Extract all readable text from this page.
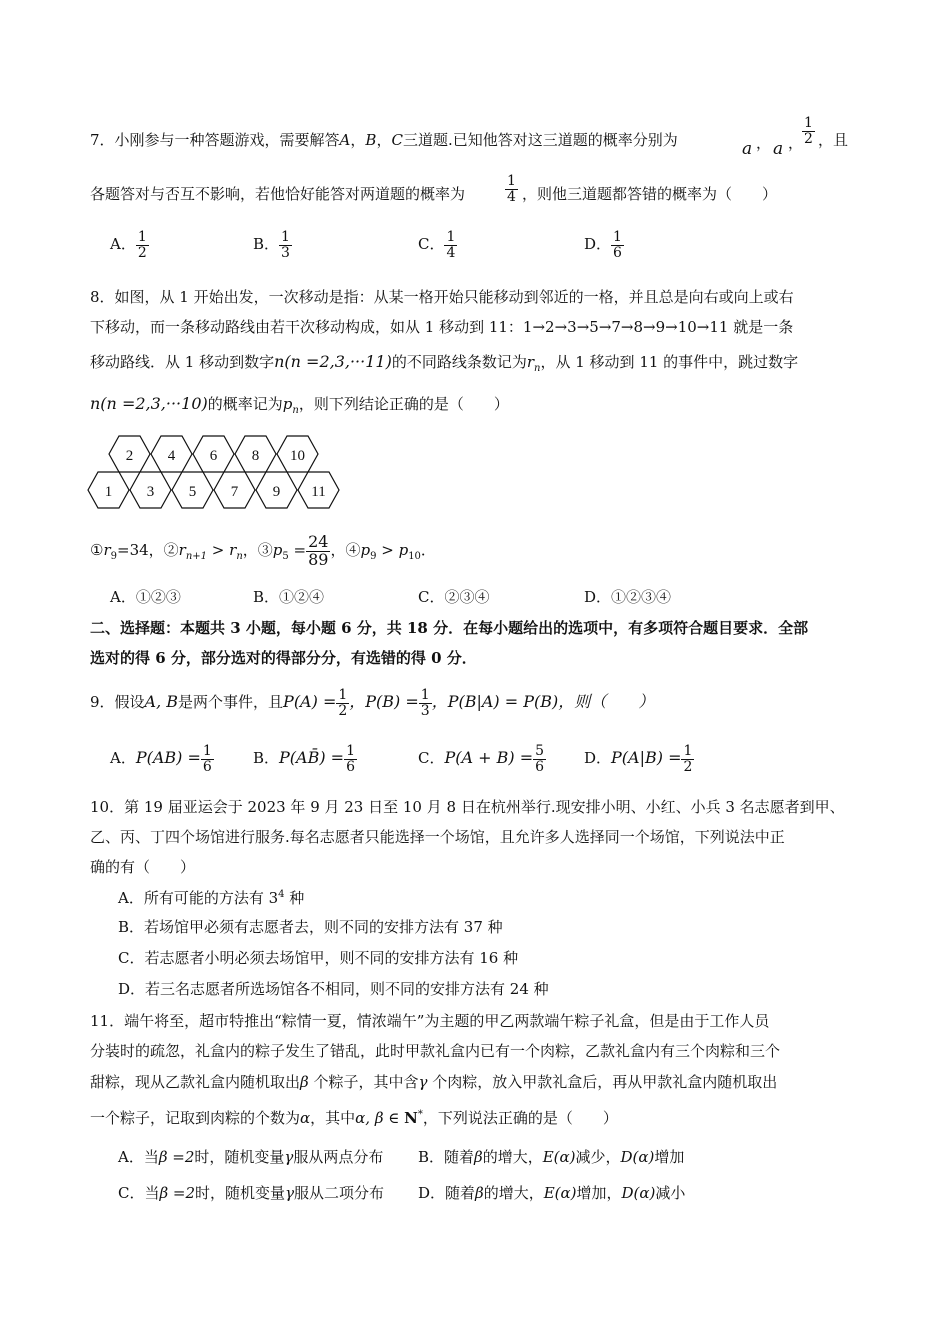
7．小刚参与一种答题游戏，需要解答A，B，C三道题.已知他答对这三道题的概率分别为	a ， a ，
$\frac{1}{2}$ ，且
各题答对与否互不影响，若他恰好能答对两道题的概率为	$\frac{1}{4}$ ，则他三道题都答错的概率为（　　）
A． $\frac{1}{2}$	B． $\frac{1}{3}$	C． $\frac{1}{4}$	D． $\frac{1}{6}$
8．如图，从 1 开始出发，一次移动是指：从某一格开始只能移动到邻近的一格，并且总是向右或向上或右
下移动，而一条移动路线由若干次移动构成，如从 1 移动到 11：1→2→3→5→7→8→9→10→11 就是一条
移动路线．从 1 移动到数字n(n =2,3,···11)的不同路线条数记为$r_n$，从 1 移动到 11 的事件中，跳过数字
n(n =2,3,···10)的概率记为$p_n$，则下列结论正确的是（　　）
2 4 6 8 10
1 3 5 7 9 11
$①r_9=34$，$②r_{n+1} > r_n$，$③p_5 = \frac{24}{89}$ ，$④p_9 > p_{10}$．
A．①②③	B．①②④	C．②③④	D．①②③④
二、选择题：本题共 3 小题，每小题 6 分，共 18 分．在每小题给出的选项中，有多项符合题目要求．全部
选对的得 6 分，部分选对的得部分分，有选错的得 0 分．
9．假设A, B是两个事件，且$P(A) = \frac{1}{2}$ ，$P(B) = \frac{1}{3}$ ，P(B|A) = P(B)，则（　　）
A．$P(AB) = \frac{1}{6}$	B．P(AB̄) = $\frac{1}{6}$	C．$P(A + B) = \frac{5}{6}$	D．$P(A|B) = \frac{1}{2}$
10．第 19 届亚运会于 2023 年 9 月 23 日至 10 月 8 日在杭州举行.现安排小明、小红、小兵 3 名志愿者到甲、
乙、丙、丁四个场馆进行服务.每名志愿者只能选择一个场馆，且允许多人选择同一个场馆，下列说法中正
确的有（　　）
A．所有可能的方法有 $3^4$ 种
B．若场馆甲必须有志愿者去，则不同的安排方法有 37 种
C．若志愿者小明必须去场馆甲，则不同的安排方法有 16 种
D．若三名志愿者所选场馆各不相同，则不同的安排方法有 24 种
11．端午将至，超市特推出“粽情一夏，情浓端午”为主题的甲乙两款端午粽子礼盒，但是由于工作人员
分装时的疏忽，礼盒内的粽子发生了错乱，此时甲款礼盒内已有一个肉粽，乙款礼盒内有三个肉粽和三个
甜粽，现从乙款礼盒内随机取出β 个粽子，其中含γ 个肉粽，放入甲款礼盒后，再从甲款礼盒内随机取出
一个粽子，记取到肉粽的个数为α，其中α, β ∈ N*，下列说法正确的是（　　）
A．当β =2时，随机变量γ服从两点分布 B．随着β的增大，E(α)减少，D(α)增加
C．当β =2时，随机变量γ服从二项分布 D．随着β的增大，E(α)增加，D(α)减小
